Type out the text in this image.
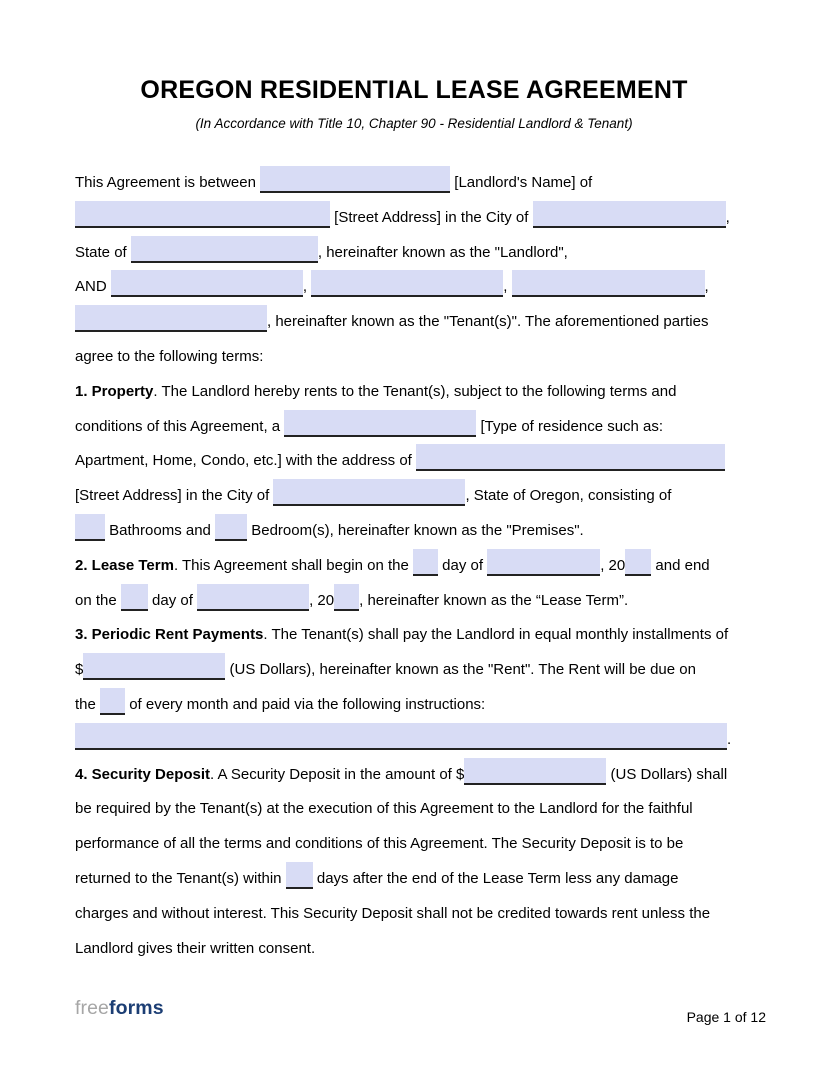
OREGON RESIDENTIAL LEASE AGREEMENT
(In Accordance with Title 10, Chapter 90 - Residential Landlord & Tenant)
This Agreement is between	[Landlord's Name] of
[Street Address] in the City of	,
State of	, hereinafter known as the "Landlord",
AND	,	,	,
, hereinafter known as the "Tenant(s)". The aforementioned parties
agree to the following terms:
1. Property. The Landlord hereby rents to the Tenant(s), subject to the following terms and
conditions of this Agreement, a	[Type of residence such as:
Apartment, Home, Condo, etc.] with the address of
[Street Address] in the City of	, State of Oregon, consisting of
Bathrooms and  Bedroom(s), hereinafter known as the "Premises".
2. Lease Term. This Agreement shall begin on the  day of	, 20 and end
on the  day of	, 20 , hereinafter known as the “Lease Term”.
3. Periodic Rent Payments. The Tenant(s) shall pay the Landlord in equal monthly installments of
$	(US Dollars), hereinafter known as the "Rent". The Rent will be due on
the  of every month and paid via the following instructions:
.
4. Security Deposit. A Security Deposit in the amount of $	(US Dollars) shall
be required by the Tenant(s) at the execution of this Agreement to the Landlord for the faithful
performance of all the terms and conditions of this Agreement. The Security Deposit is to be
returned to the Tenant(s) within  days after the end of the Lease Term less any damage
charges and without interest. This Security Deposit shall not be credited towards rent unless the
Landlord gives their written consent.
freeforms	Page 1 of 12
